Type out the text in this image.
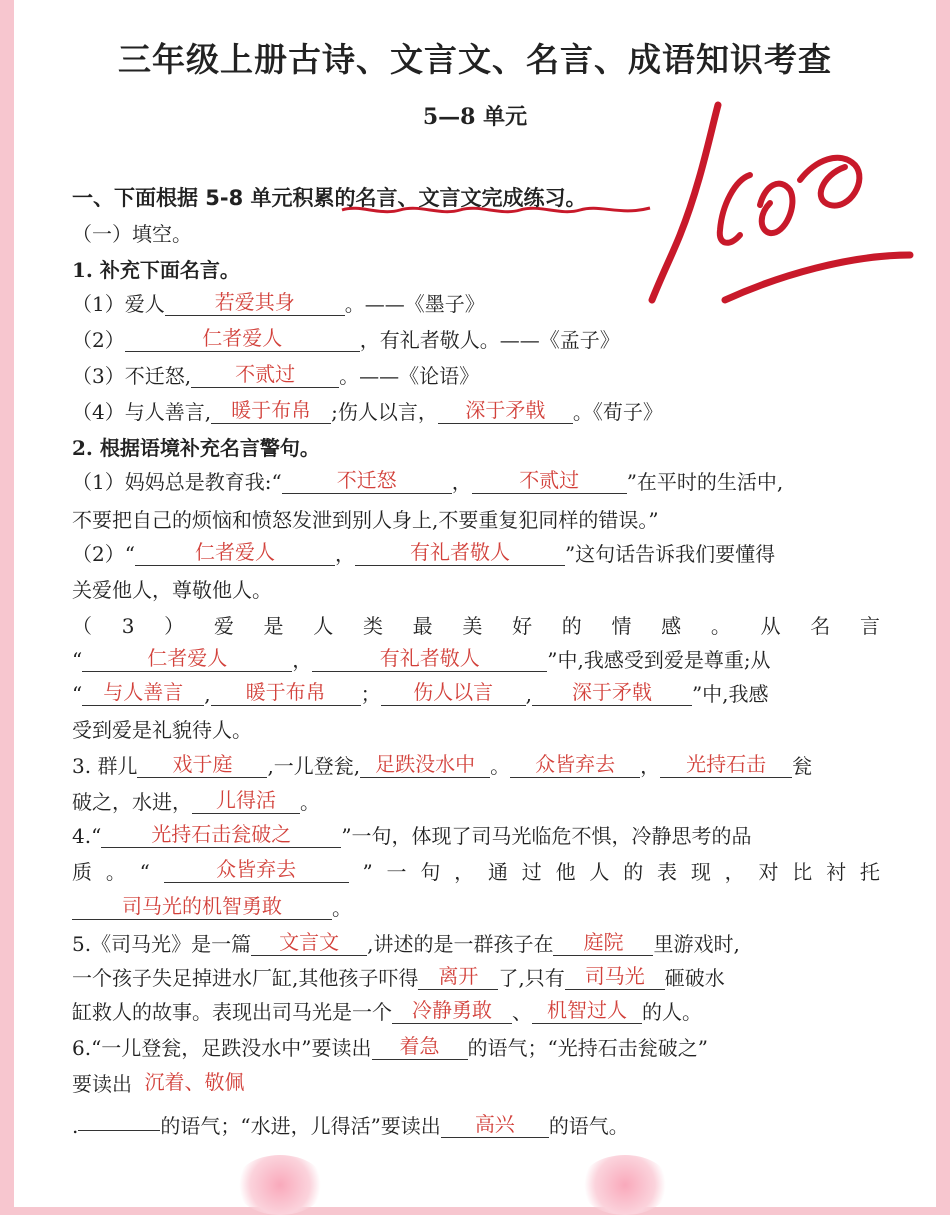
三年级上册古诗、文言文、名言、成语知识考查
5—8 单元
一、下面根据 5-8 单元积累的名言、文言文完成练习。
（一）填空。
1. 补充下面名言。
（1）爱人	若爱其身	。——《墨子》
（2）	仁者爱人	，有礼者敬人。——《孟子》
（3）不迁怒, 不贰过 。——《论语》
（4）与人善言, 暖于布帛 ;伤人以言， 深于矛戟 。《荀子》
2. 根据语境补充名言警句。
（1）妈妈总是教育我:“	不迁怒	， 不贰过 ”在平时的生活中,
不要把自己的烦恼和愤怒发泄到别人身上,不要重复犯同样的错误。”
（2）“	仁者爱人	，	有礼者敬人	”这句话告诉我们要懂得
关爱他人，尊敬他人。
（ 3 ） 爱 是 人 类 最 美 好 的 情 感 。 从 名 言
“	仁者爱人	，	有礼者敬人	”中,我感受到爱是尊重;从
“ 与人善言 , 暖于布帛 ； 伤人以言 , 深于矛戟 ”中,我感
受到爱是礼貌待人。
3. 群儿 戏于庭 ,一儿登瓮, 足跌没水中 。 众皆弃去 ， 光持石击 瓮
破之，水进， 儿得活 。
4.“	光持石击瓮破之	”一句，体现了司马光临危不惧，冷静思考的品
质 。 “	众皆弃去	” 一 句 ， 通 过 他 人 的 表 现 ， 对 比 衬 托
司马光的机智勇敢	。
5.《司马光》是一篇 文言文 ,讲述的是一群孩子在 庭院 里游戏时,
一个孩子失足掉进水厂缸,其他孩子吓得 离开 了,只有 司马光 砸破水
缸救人的故事。表现出司马光是一个 冷静勇敢 、 机智过人 的人。
6.“一儿登瓮，足跌没水中”要读出 着急 的语气；“光持石击瓮破之”
要读出 沉着、敬佩
.	的语气；“水进，儿得活”要读出 高兴 的语气。
